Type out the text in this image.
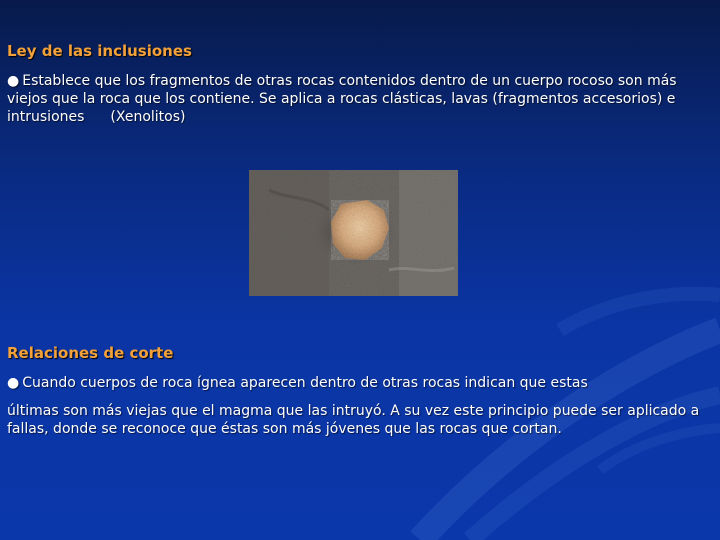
Ley de las inclusiones

● Establece que los fragmentos de otras rocas contenidos dentro de un cuerpo rocoso son más viejos que la roca que los contiene. Se aplica a rocas clásticas, lavas (fragmentos accesorios) e intrusiones (Xenolitos)

Relaciones de corte

● Cuando cuerpos de roca ígnea aparecen dentro de otras rocas indican que estas

últimas son más viejas que el magma que las intruyó. A su vez este principio puede ser aplicado a fallas, donde se reconoce que éstas son más jóvenes que las rocas que cortan.
